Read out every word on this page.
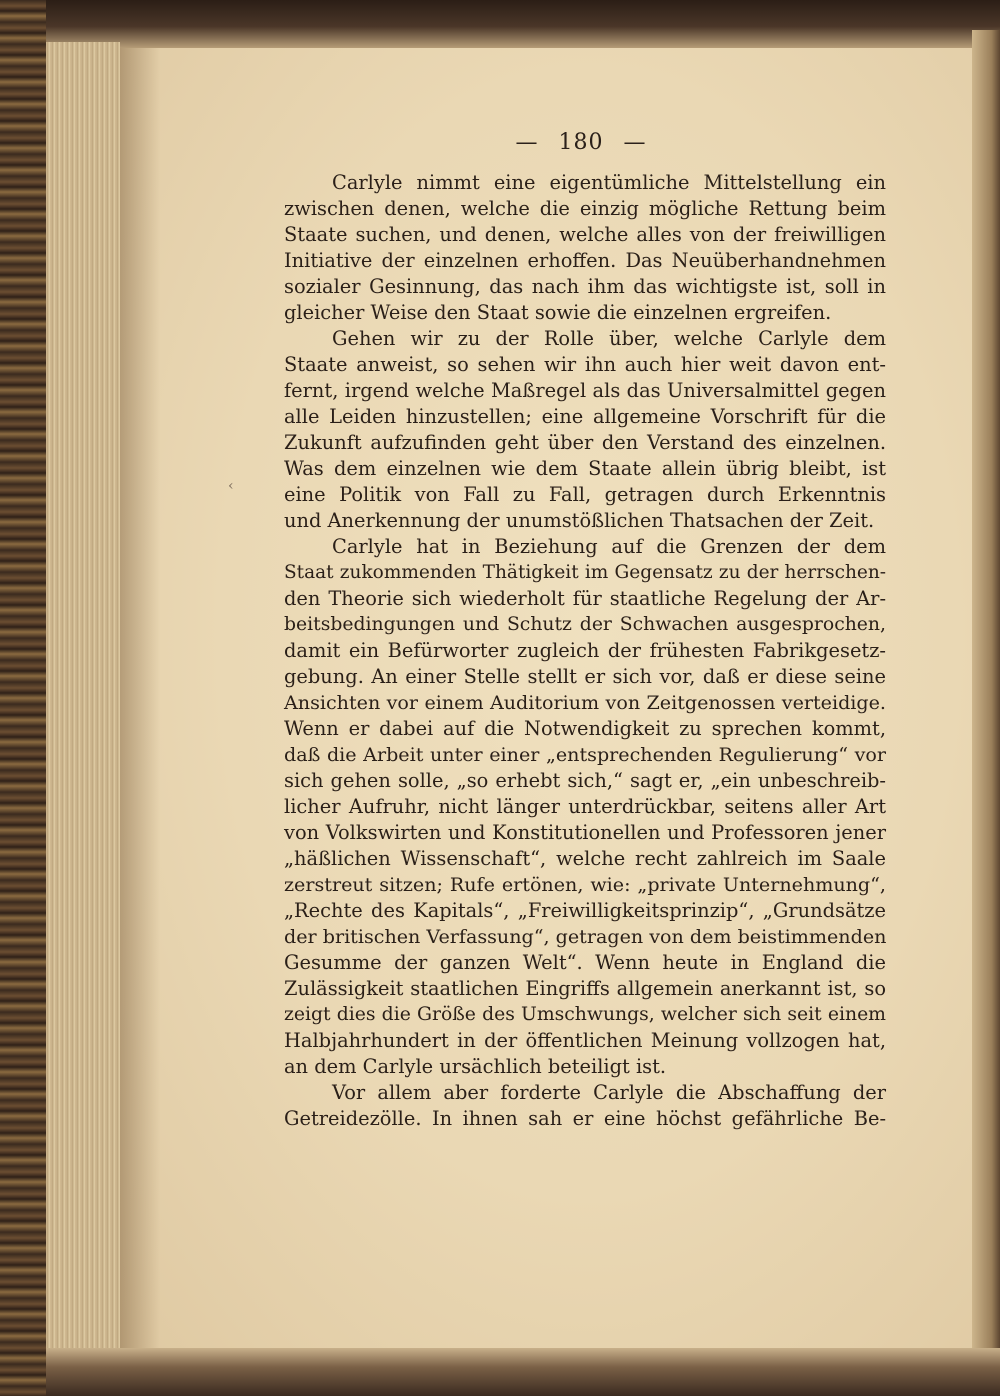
— 180 —
‹
Carlyle nimmt eine eigentümliche Mittelstellung ein
zwischen denen, welche die einzig mögliche Rettung beim
Staate suchen, und denen, welche alles von der freiwilligen
Initiative der einzelnen erhoffen. Das Neuüberhandnehmen
sozialer Gesinnung, das nach ihm das wichtigste ist, soll in
gleicher Weise den Staat sowie die einzelnen ergreifen.
Gehen wir zu der Rolle über, welche Carlyle dem
Staate anweist, so sehen wir ihn auch hier weit davon ent-
fernt, irgend welche Maßregel als das Universalmittel gegen
alle Leiden hinzustellen; eine allgemeine Vorschrift für die
Zukunft aufzufinden geht über den Verstand des einzelnen.
Was dem einzelnen wie dem Staate allein übrig bleibt, ist
eine Politik von Fall zu Fall, getragen durch Erkenntnis
und Anerkennung der unumstößlichen Thatsachen der Zeit.
Carlyle hat in Beziehung auf die Grenzen der dem
Staat zukommenden Thätigkeit im Gegensatz zu der herrschen-
den Theorie sich wiederholt für staatliche Regelung der Ar-
beitsbedingungen und Schutz der Schwachen ausgesprochen,
damit ein Befürworter zugleich der frühesten Fabrikgesetz-
gebung. An einer Stelle stellt er sich vor, daß er diese seine
Ansichten vor einem Auditorium von Zeitgenossen verteidige.
Wenn er dabei auf die Notwendigkeit zu sprechen kommt,
daß die Arbeit unter einer „entsprechenden Regulierung“ vor
sich gehen solle, „so erhebt sich,“ sagt er, „ein unbeschreib-
licher Aufruhr, nicht länger unterdrückbar, seitens aller Art
von Volkswirten und Konstitutionellen und Professoren jener
„häßlichen Wissenschaft“, welche recht zahlreich im Saale
zerstreut sitzen; Rufe ertönen, wie: „private Unternehmung“,
„Rechte des Kapitals“, „Freiwilligkeitsprinzip“, „Grundsätze
der britischen Verfassung“, getragen von dem beistimmenden
Gesumme der ganzen Welt“. Wenn heute in England die
Zulässigkeit staatlichen Eingriffs allgemein anerkannt ist, so
zeigt dies die Größe des Umschwungs, welcher sich seit einem
Halbjahrhundert in der öffentlichen Meinung vollzogen hat,
an dem Carlyle ursächlich beteiligt ist.
Vor allem aber forderte Carlyle die Abschaffung der
Getreidezölle. In ihnen sah er eine höchst gefährliche Be-
